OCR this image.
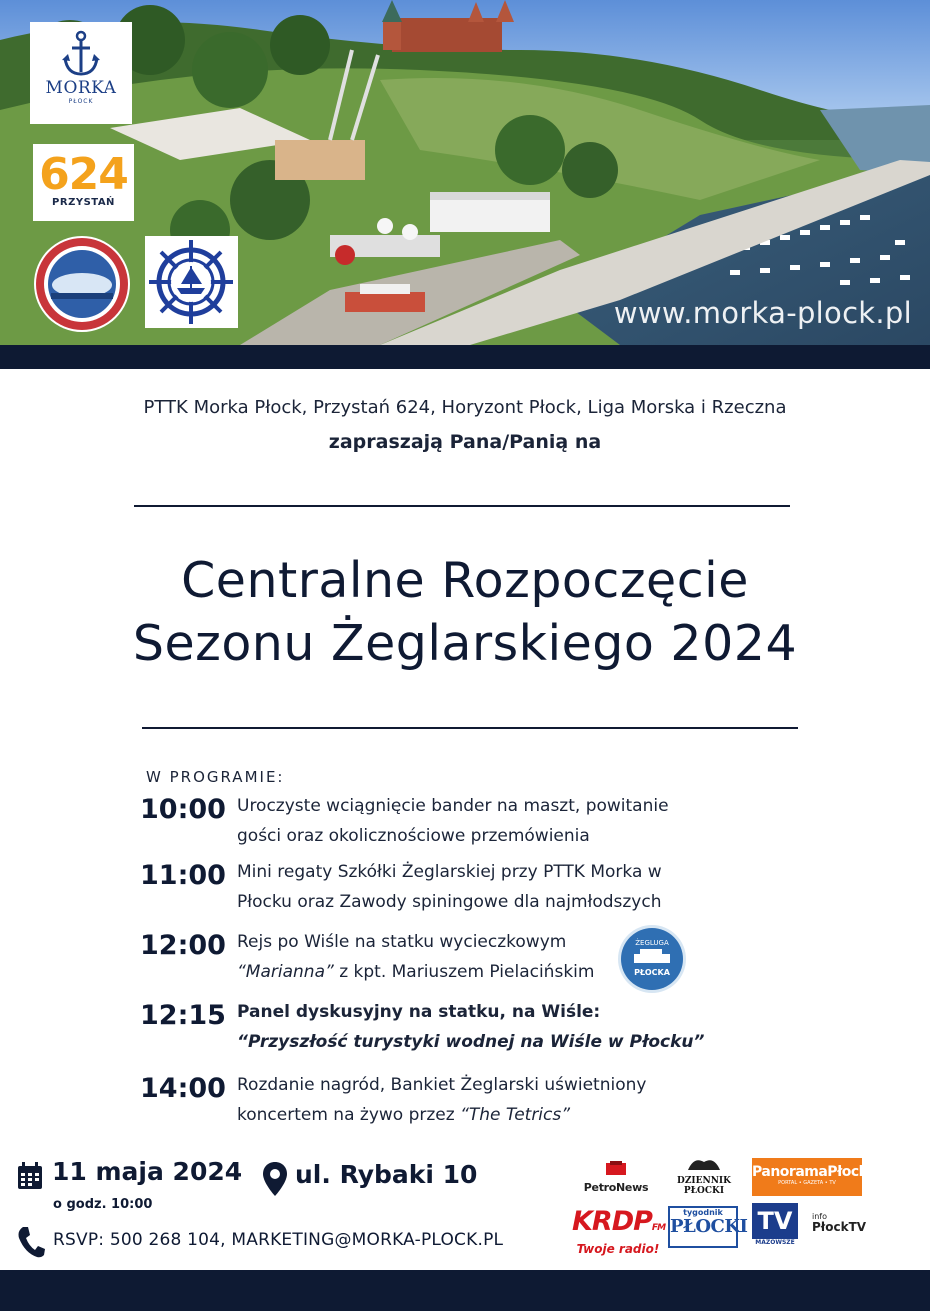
www.morka-plock.pl
MORKA
PŁOCK

624
PRZYSTAŃ
PTTK Morka Płock, Przystań 624, Horyzont Płock, Liga Morska i Rzeczna
zapraszają Pana/Panią na
Centralne Rozpoczęcie
Sezonu Żeglarskiego 2024
W PROGRAMIE:
10:00 Uroczyste wciągnięcie bander na maszt, powitanie
gości oraz okolicznościowe przemówienia
11:00 Mini regaty Szkółki Żeglarskiej przy PTTK Morka w
Płocku oraz Zawody spiningowe dla najmłodszych
12:00 Rejs po Wiśle na statku wycieczkowym
“Marianna” z kpt. Mariuszem Pielacińskim
ŻEGLUGA
PŁOCKA
12:15 Panel dyskusyjny na statku, na Wiśle:
“Przyszłość turystyki wodnej na Wiśle w Płocku”
14:00 Rozdanie nagród, Bankiet Żeglarski uświetniony
koncertem na żywo przez “The Tetrics”
11 maja 2024
o godz. 10:00
ul. Rybaki 10
RSVP: 500 268 104, MARKETING@MORKA-PLOCK.PL
PetroNews	DZIENNIK
PŁOCKI
PanoramaPłock
PORTAL • GAZETA • TV
KRDPFM
Twoje radio!
tygodnik
PŁOCKI TV
MAZOWSZE
info
PłockTV
